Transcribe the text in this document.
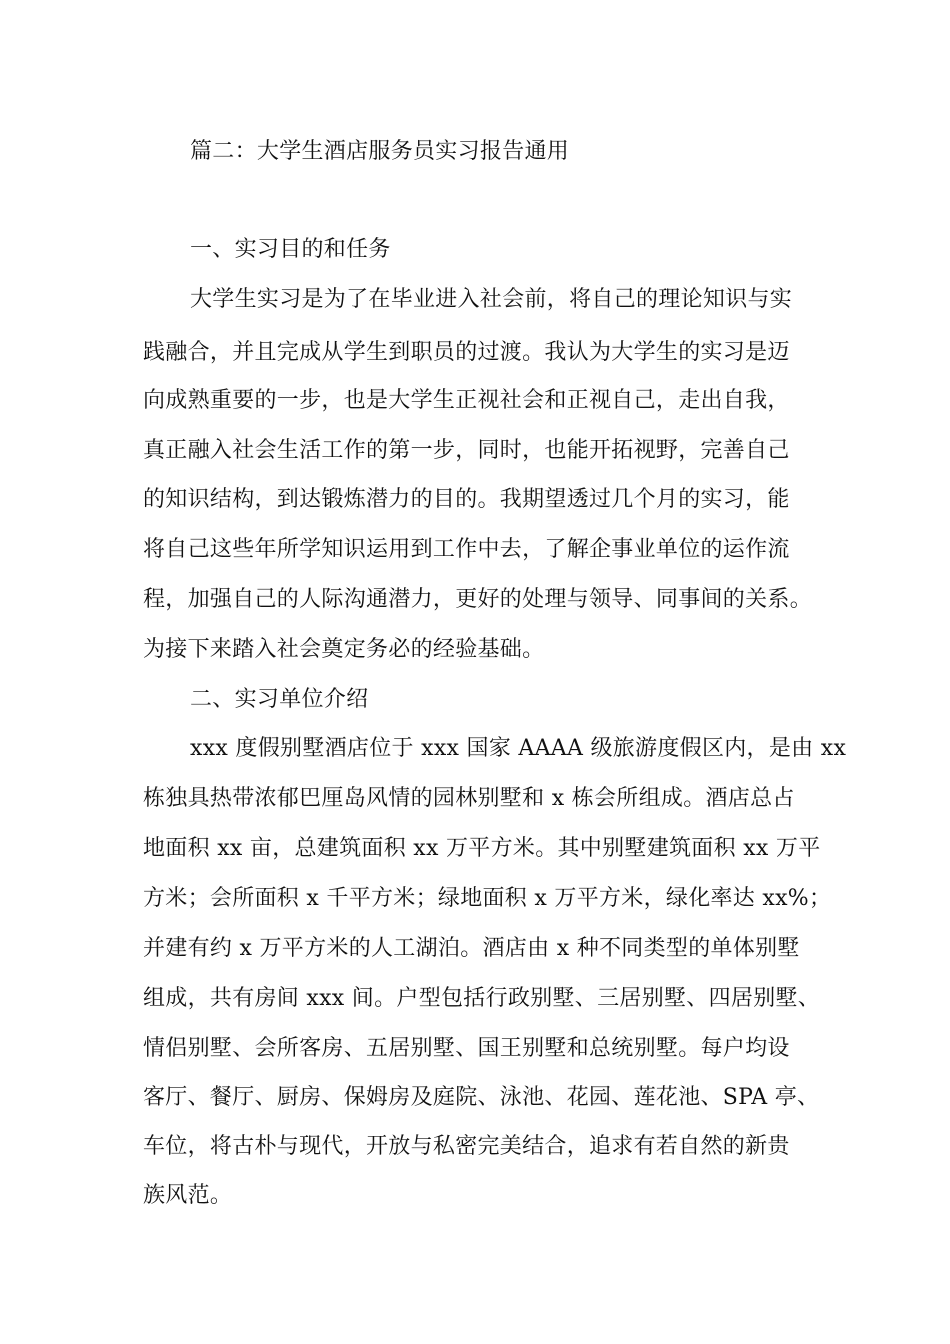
篇二：大学生酒店服务员实习报告通用
一、实习目的和任务
大学生实习是为了在毕业进入社会前，将自己的理论知识与实
践融合，并且完成从学生到职员的过渡。我认为大学生的实习是迈
向成熟重要的一步，也是大学生正视社会和正视自己，走出自我，
真正融入社会生活工作的第一步，同时，也能开拓视野，完善自己
的知识结构，到达锻炼潜力的目的。我期望透过几个月的实习，能
将自己这些年所学知识运用到工作中去，了解企事业单位的运作流
程，加强自己的人际沟通潜力，更好的处理与领导、同事间的关系。
为接下来踏入社会奠定务必的经验基础。
二、实习单位介绍
xxx 度假别墅酒店位于 xxx 国家 AAAA 级旅游度假区内，是由 xx
栋独具热带浓郁巴厘岛风情的园林别墅和 x 栋会所组成。酒店总占
地面积 xx 亩，总建筑面积 xx 万平方米。其中别墅建筑面积 xx 万平
方米；会所面积 x 千平方米；绿地面积 x 万平方米，绿化率达 xx%；
并建有约 x 万平方米的人工湖泊。酒店由 x 种不同类型的单体别墅
组成，共有房间 xxx 间。户型包括行政别墅、三居别墅、四居别墅、
情侣别墅、会所客房、五居别墅、国王别墅和总统别墅。每户均设
客厅、餐厅、厨房、保姆房及庭院、泳池、花园、莲花池、SPA 亭、
车位，将古朴与现代，开放与私密完美结合，追求有若自然的新贵
族风范。
